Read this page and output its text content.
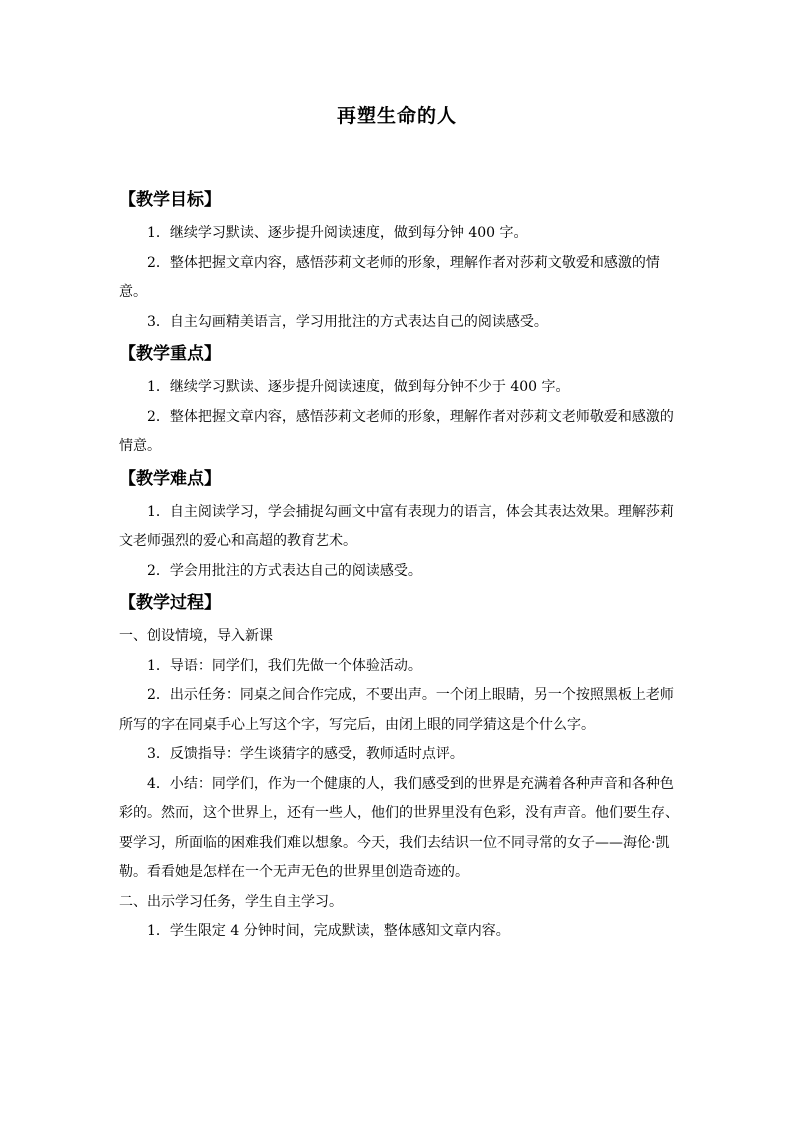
再塑生命的人
【教学目标】

1．继续学习默读、逐步提升阅读速度，做到每分钟 400 字。

2．整体把握文章内容，感悟莎莉文老师的形象，理解作者对莎莉文敬爱和感激的情意。

3．自主勾画精美语言，学习用批注的方式表达自己的阅读感受。

【教学重点】

1．继续学习默读、逐步提升阅读速度，做到每分钟不少于 400 字。

2．整体把握文章内容，感悟莎莉文老师的形象，理解作者对莎莉文老师敬爱和感激的情意。

【教学难点】

1．自主阅读学习，学会捕捉勾画文中富有表现力的语言，体会其表达效果。理解莎莉文老师强烈的爱心和高超的教育艺术。

2．学会用批注的方式表达自己的阅读感受。

【教学过程】

一、创设情境，导入新课

1．导语：同学们，我们先做一个体验活动。

2．出示任务：同桌之间合作完成，不要出声。一个闭上眼睛，另一个按照黑板上老师所写的字在同桌手心上写这个字，写完后，由闭上眼的同学猜这是个什么字。

3．反馈指导：学生谈猜字的感受，教师适时点评。

4．小结：同学们，作为一个健康的人，我们感受到的世界是充满着各种声音和各种色彩的。然而，这个世界上，还有一些人，他们的世界里没有色彩，没有声音。他们要生存、要学习，所面临的困难我们难以想象。今天，我们去结识一位不同寻常的女子——海伦·凯勒。看看她是怎样在一个无声无色的世界里创造奇迹的。

二、出示学习任务，学生自主学习。

1．学生限定 4 分钟时间，完成默读，整体感知文章内容。
